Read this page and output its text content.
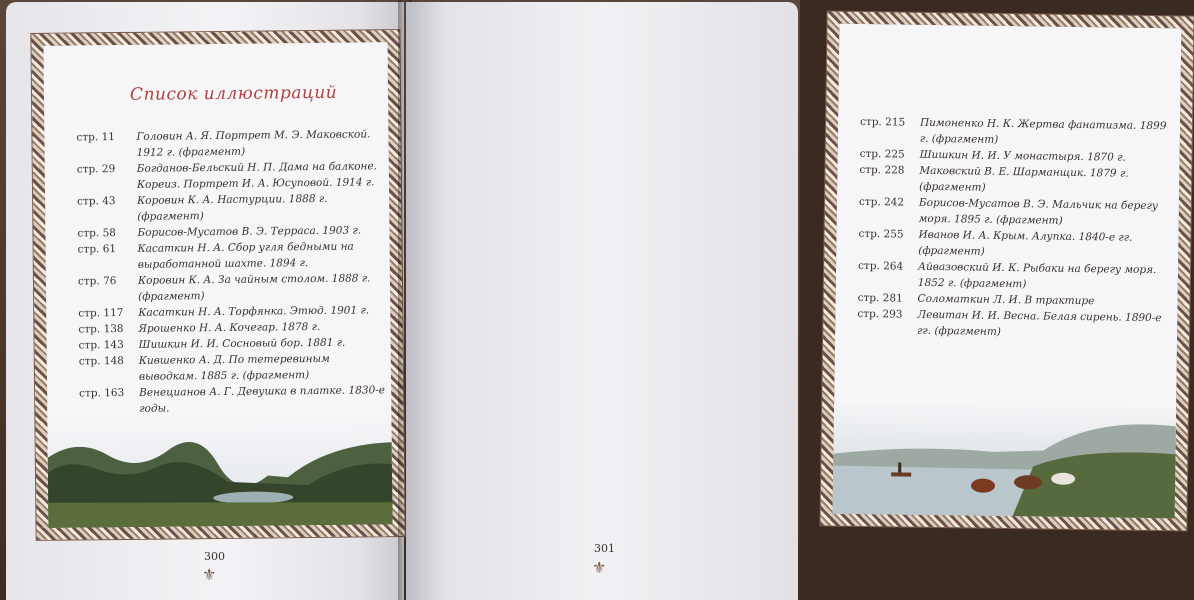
Список иллюстраций
стр. 11	Головин А. Я. Портрет М. Э. Маковской. 1912 г. (фрагмент)
стр. 29	Богданов-Бельский Н. П. Дама на балконе. Кореиз. Портрет И. А. Юсуповой. 1914 г.
стр. 43	Коровин К. А. Настурции. 1888 г. (фрагмент)
стр. 58	Борисов-Мусатов В. Э. Терраса. 1903 г.
стр. 61	Касаткин Н. А. Сбор угля бедными на выработанной шахте. 1894 г.
стр. 76	Коровин К. А. За чайным столом. 1888 г. (фрагмент)
стр. 117	Касаткин Н. А. Торфянка. Этюд. 1901 г.
стр. 138	Ярошенко Н. А. Кочегар. 1878 г.
стр. 143	Шишкин И. И. Сосновый бор. 1881 г.
стр. 148	Кившенко А. Д. По тетеревиным выводкам. 1885 г. (фрагмент)
стр. 163	Венецианов А. Г. Девушка в платке. 1830-е годы.
300
⚜
стр. 215	Пимоненко Н. К. Жертва фанатизма. 1899 г. (фрагмент)
стр. 225	Шишкин И. И. У монастыря. 1870 г.
стр. 228	Маковский В. Е. Шарманщик. 1879 г. (фрагмент)
стр. 242	Борисов-Мусатов В. Э. Мальчик на берегу моря. 1895 г. (фрагмент)
стр. 255	Иванов И. А. Крым. Алупка. 1840-е гг. (фрагмент)
стр. 264	Айвазовский И. К. Рыбаки на берегу моря. 1852 г. (фрагмент)
стр. 281	Соломаткин Л. И. В трактире
стр. 293	Левитан И. И. Весна. Белая сирень. 1890-е гг. (фрагмент)
301
⚜
